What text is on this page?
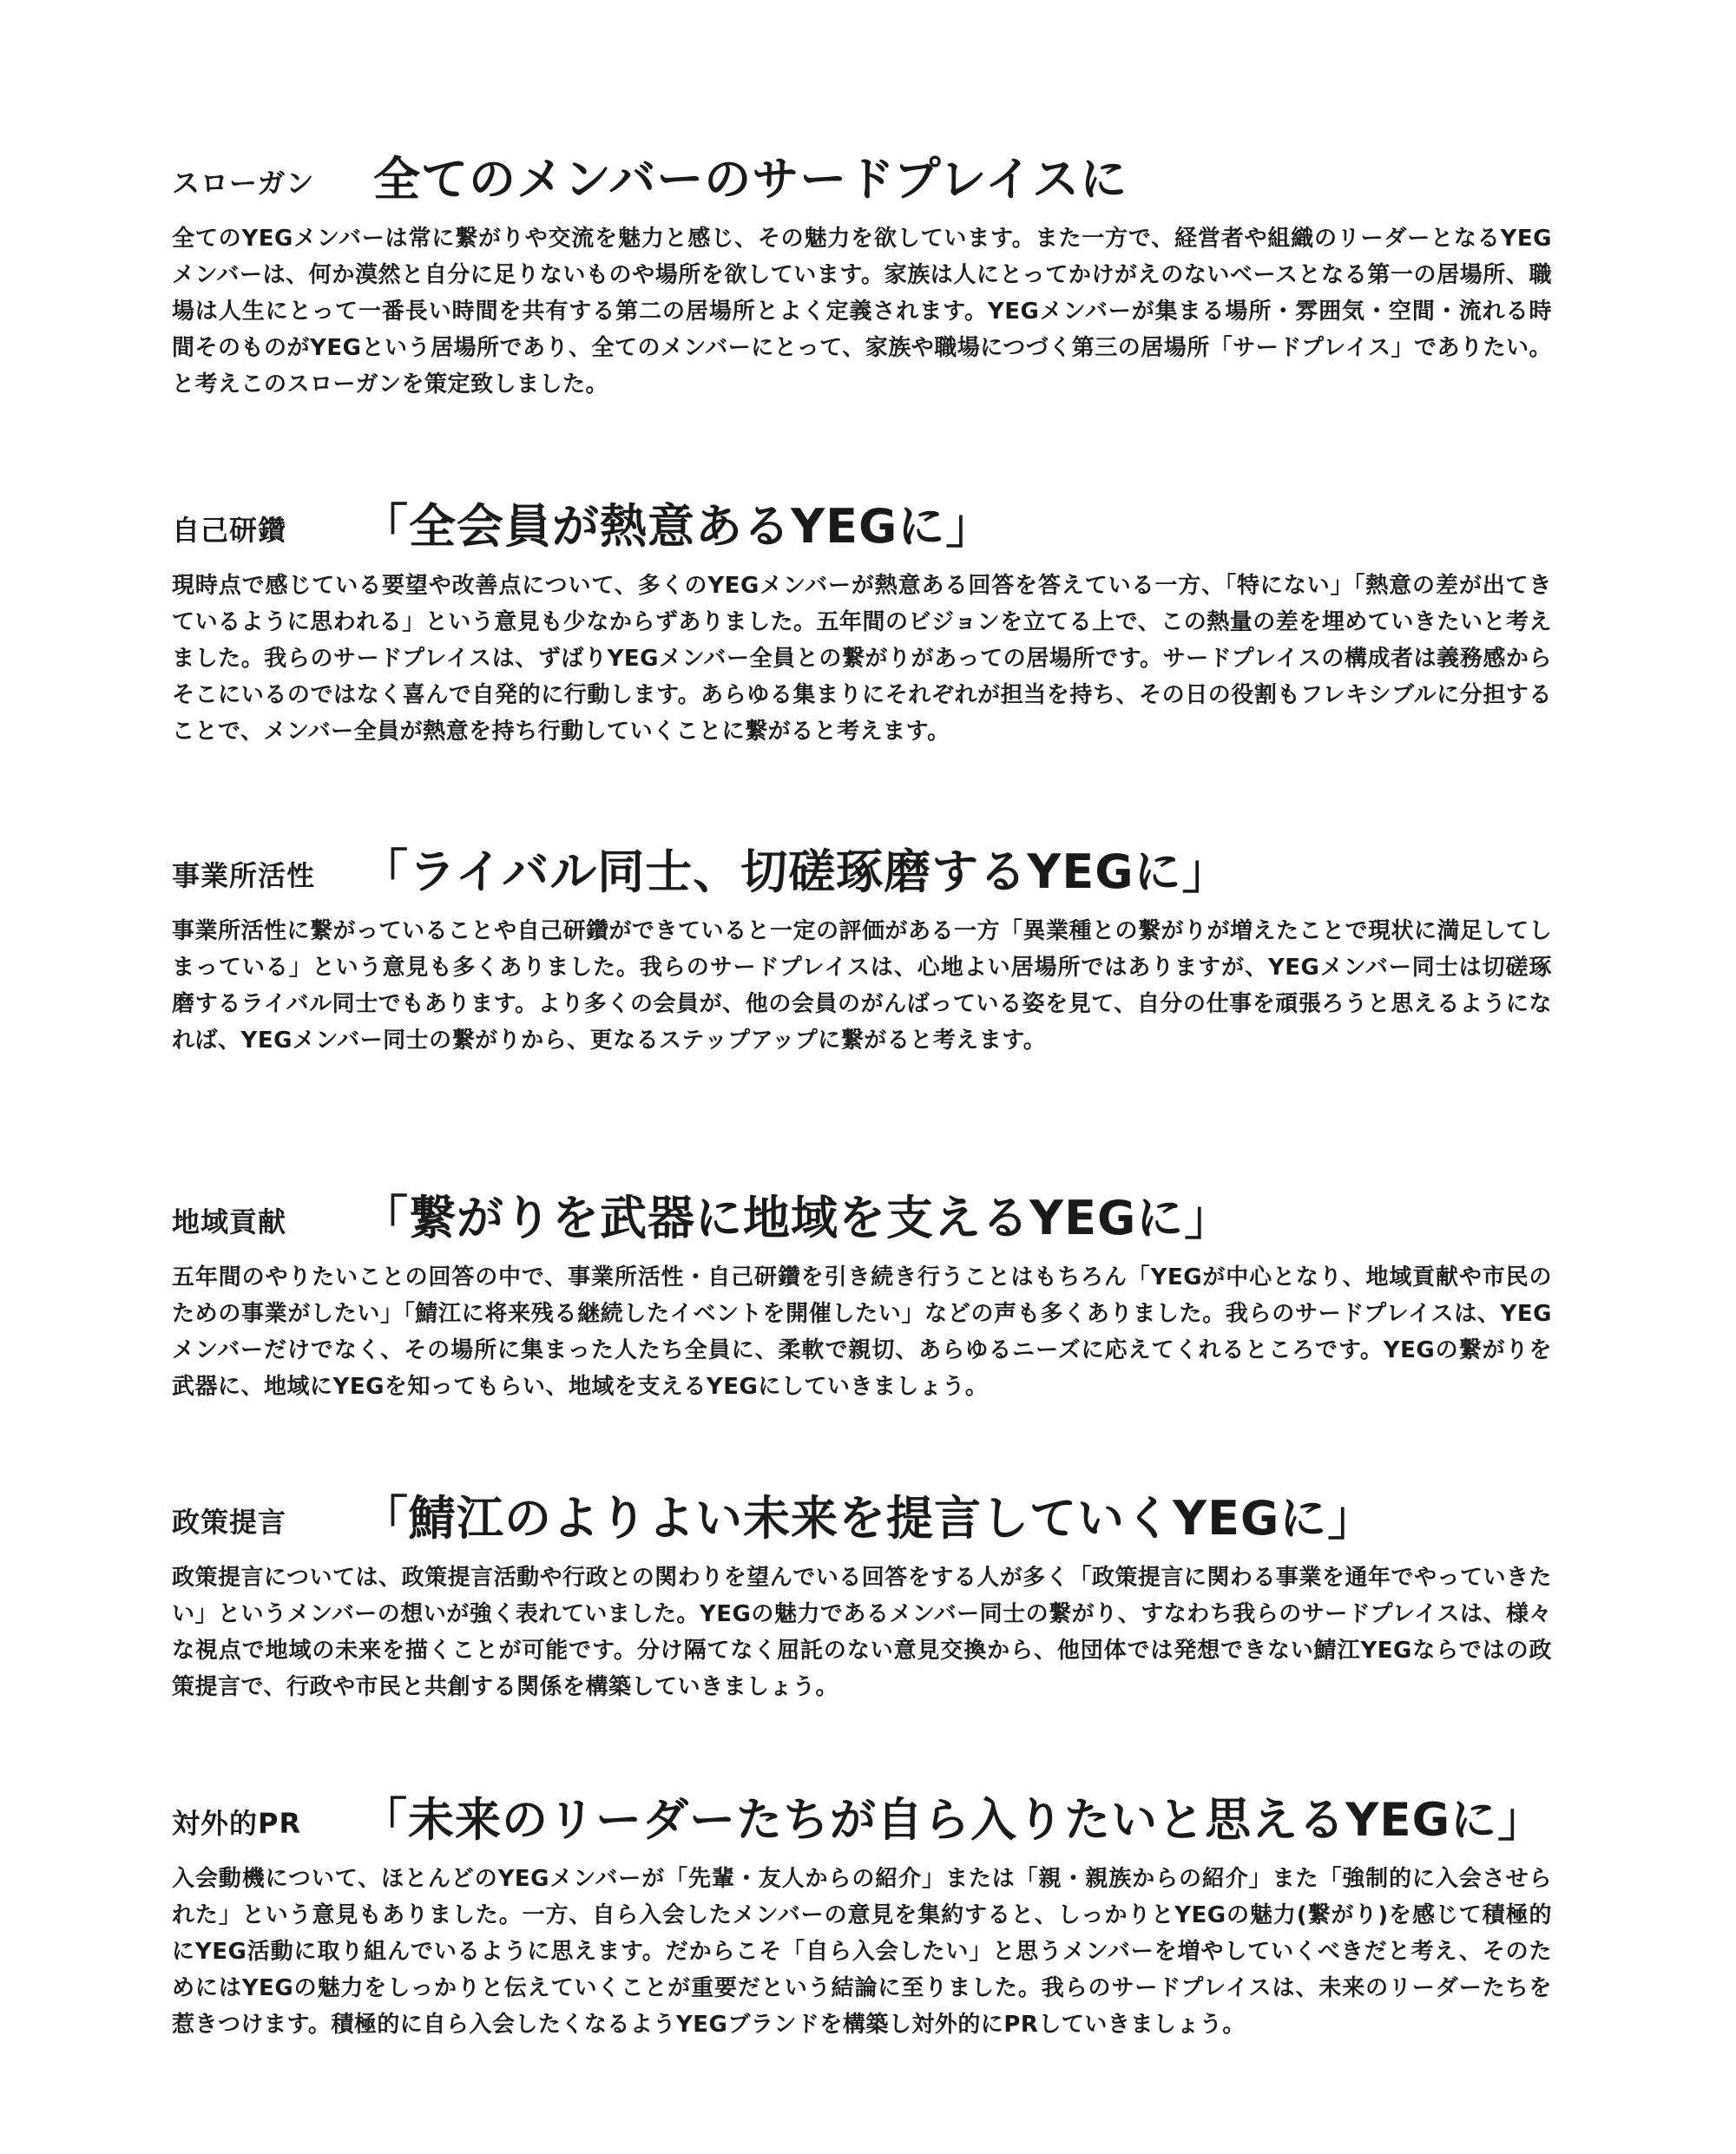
スローガン 全てのメンバーのサードプレイスに
全てのYEGメンバーは常に繋がりや交流を魅力と感じ、その魅力を欲しています。また一方で、経営者や組織のリーダーとなるYEGメンバーは、何か漠然と自分に足りないものや場所を欲しています。家族は人にとってかけがえのないベースとなる第一の居場所、職場は人生にとって一番長い時間を共有する第二の居場所とよく定義されます。YEGメンバーが集まる場所・雰囲気・空間・流れる時間そのものがYEGという居場所であり、全てのメンバーにとって、家族や職場につづく第三の居場所「サードプレイス」でありたい。と考えこのスローガンを策定致しました。
自己研鑽 「全会員が熱意あるYEGに」
現時点で感じている要望や改善点について、多くのYEGメンバーが熱意ある回答を答えている一方、「特にない」「熱意の差が出てきているように思われる」という意見も少なからずありました。五年間のビジョンを立てる上で、この熱量の差を埋めていきたいと考えました。我らのサードプレイスは、ずばりYEGメンバー全員との繋がりがあっての居場所です。サードプレイスの構成者は義務感からそこにいるのではなく喜んで自発的に行動します。あらゆる集まりにそれぞれが担当を持ち、その日の役割もフレキシブルに分担することで、メンバー全員が熱意を持ち行動していくことに繋がると考えます。
事業所活性 「ライバル同士、切磋琢磨するYEGに」
事業所活性に繋がっていることや自己研鑽ができていると一定の評価がある一方「異業種との繋がりが増えたことで現状に満足してしまっている」という意見も多くありました。我らのサードプレイスは、心地よい居場所ではありますが、YEGメンバー同士は切磋琢磨するライバル同士でもあります。より多くの会員が、他の会員のがんばっている姿を見て、自分の仕事を頑張ろうと思えるようになれば、YEGメンバー同士の繋がりから、更なるステップアップに繋がると考えます。
地域貢献 「繋がりを武器に地域を支えるYEGに」
五年間のやりたいことの回答の中で、事業所活性・自己研鑽を引き続き行うことはもちろん「YEGが中心となり、地域貢献や市民のための事業がしたい」「鯖江に将来残る継続したイベントを開催したい」などの声も多くありました。我らのサードプレイスは、YEGメンバーだけでなく、その場所に集まった人たち全員に、柔軟で親切、あらゆるニーズに応えてくれるところです。YEGの繋がりを武器に、地域にYEGを知ってもらい、地域を支えるYEGにしていきましょう。
政策提言 「鯖江のよりよい未来を提言していくYEGに」
政策提言については、政策提言活動や行政との関わりを望んでいる回答をする人が多く「政策提言に関わる事業を通年でやっていきたい」というメンバーの想いが強く表れていました。YEGの魅力であるメンバー同士の繋がり、すなわち我らのサードプレイスは、様々な視点で地域の未来を描くことが可能です。分け隔てなく屈託のない意見交換から、他団体では発想できない鯖江YEGならではの政策提言で、行政や市民と共創する関係を構築していきましょう。
対外的PR 「未来のリーダーたちが自ら入りたいと思えるYEGに」
入会動機について、ほとんどのYEGメンバーが「先輩・友人からの紹介」または「親・親族からの紹介」また「強制的に入会させられた」という意見もありました。一方、自ら入会したメンバーの意見を集約すると、しっかりとYEGの魅力(繋がり)を感じて積極的にYEG活動に取り組んでいるように思えます。だからこそ「自ら入会したい」と思うメンバーを増やしていくべきだと考え、そのためにはYEGの魅力をしっかりと伝えていくことが重要だという結論に至りました。我らのサードプレイスは、未来のリーダーたちを惹きつけます。積極的に自ら入会したくなるようYEGブランドを構築し対外的にPRしていきましょう。
